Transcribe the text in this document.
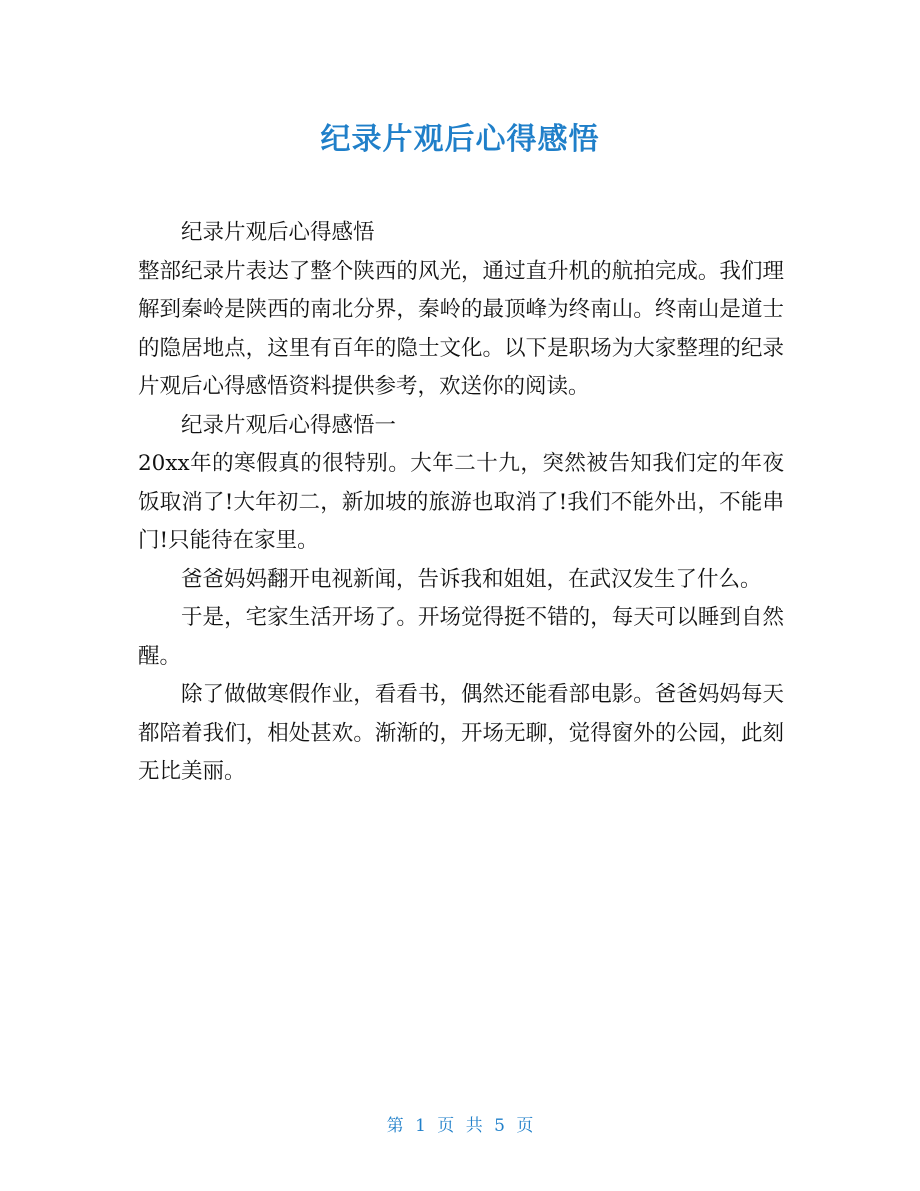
纪录片观后心得感悟

纪录片观后心得感悟

整部纪录片表达了整个陕西的风光，通过直升机的航拍完成。我们理解到秦岭是陕西的南北分界，秦岭的最顶峰为终南山。终南山是道士的隐居地点，这里有百年的隐士文化。以下是职场为大家整理的纪录片观后心得感悟资料提供参考，欢送你的阅读。

纪录片观后心得感悟一

20xx年的寒假真的很特别。大年二十九，突然被告知我们定的年夜饭取消了!大年初二，新加坡的旅游也取消了!我们不能外出，不能串门!只能待在家里。

爸爸妈妈翻开电视新闻，告诉我和姐姐，在武汉发生了什么。

于是，宅家生活开场了。开场觉得挺不错的，每天可以睡到自然醒。

除了做做寒假作业，看看书，偶然还能看部电影。爸爸妈妈每天都陪着我们，相处甚欢。渐渐的，开场无聊，觉得窗外的公园，此刻无比美丽。

第 1 页 共 5 页
